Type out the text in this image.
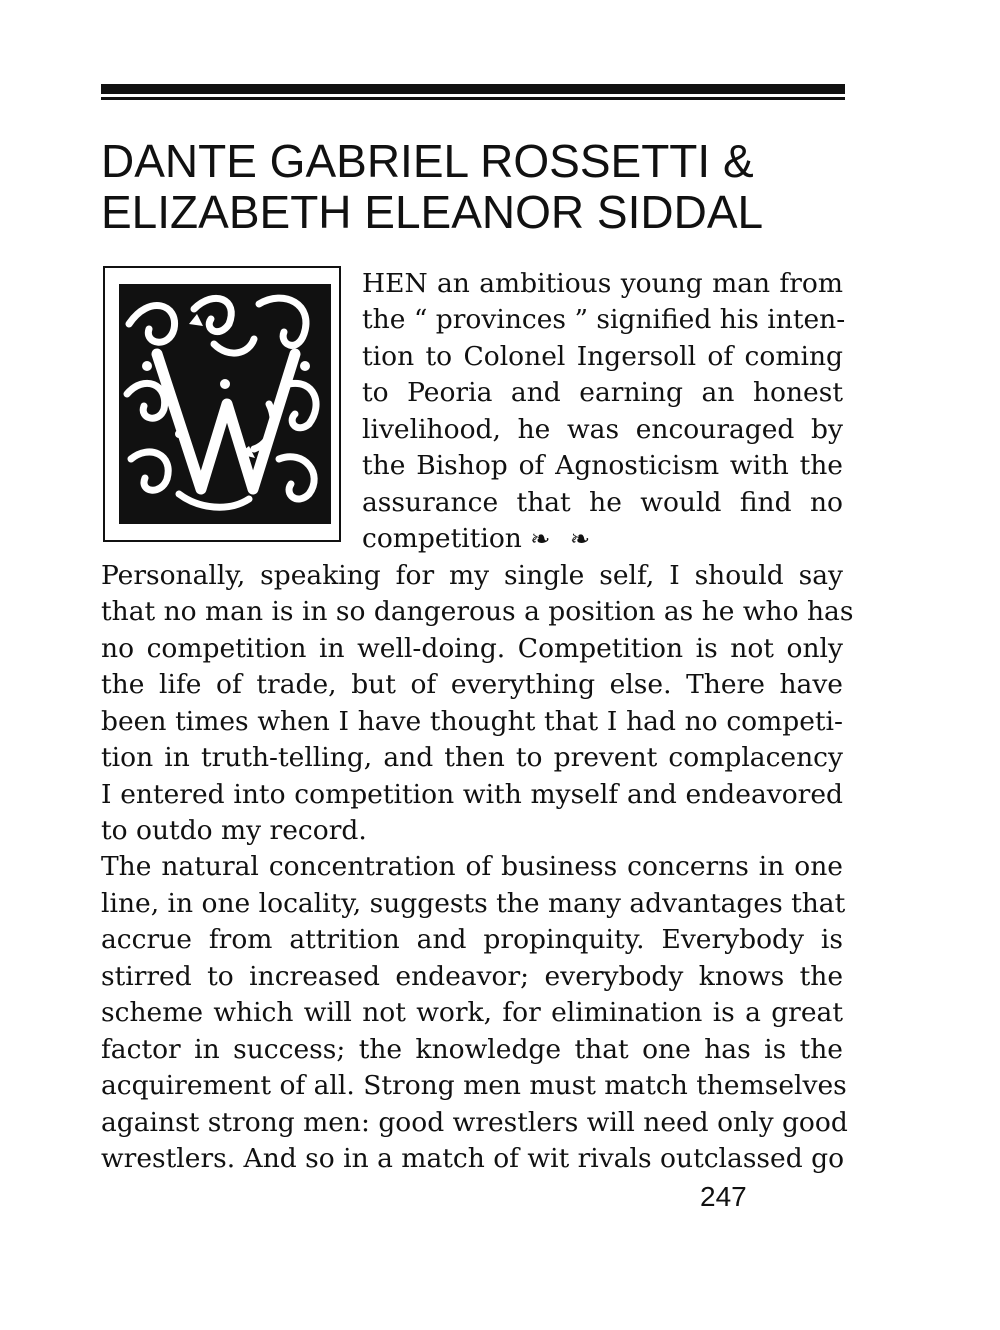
DANTE GABRIEL ROSSETTI &
ELIZABETH ELEANOR SIDDAL
HEN an ambitious young man from
the “ provinces ” signified his inten-
tion to Colonel Ingersoll of coming
to Peoria and earning an honest
livelihood, he was encouraged by
the Bishop of Agnosticism with the
assurance that he would find no
competition ❧ ❧
Personally, speaking for my single self, I should say
that no man is in so dangerous a position as he who has
no competition in well-doing. Competition is not only
the life of trade, but of everything else. There have
been times when I have thought that I had no competi-
tion in truth-telling, and then to prevent complacency
I entered into competition with myself and endeavored
to outdo my record.
The natural concentration of business concerns in one
line, in one locality, suggests the many advantages that
accrue from attrition and propinquity. Everybody is
stirred to increased endeavor; everybody knows the
scheme which will not work, for elimination is a great
factor in success; the knowledge that one has is the
acquirement of all. Strong men must match themselves
against strong men: good wrestlers will need only good
wrestlers. And so in a match of wit rivals outclassed go
247
